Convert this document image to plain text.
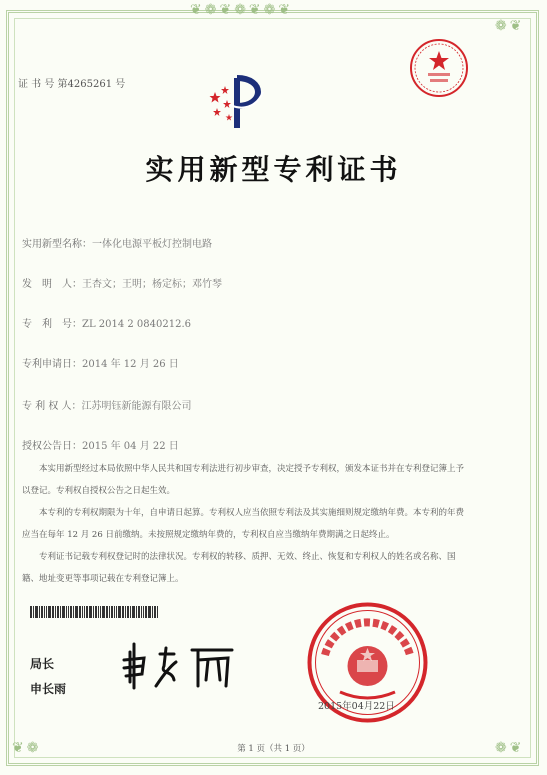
❦❁❦❁❦❁❦
❦❁	❁❦
❁❦
证 书 号 第4265261 号
实用新型专利证书
实用新型名称：一体化电源平板灯控制电路
发　明　人：王杏文；王明；杨定标；邓竹琴
专　利　号：ZL 2014 2 0840212.6
专利申请日：2014 年 12 月 26 日
专 利 权 人：江苏明钰新能源有限公司
授权公告日：2015 年 04 月 22 日
本实用新型经过本局依照中华人民共和国专利法进行初步审查，决定授予专利权，颁发本证书并在专利登记簿上予以登记。专利权自授权公告之日起生效。
本专利的专利权期限为十年，自申请日起算。专利权人应当依照专利法及其实施细则规定缴纳年费。本专利的年费应当在每年 12 月 26 日前缴纳。未按照规定缴纳年费的，专利权自应当缴纳年费期满之日起终止。
专利证书记载专利权登记时的法律状况。专利权的转移、质押、无效、终止、恢复和专利权人的姓名或名称、国籍、地址变更等事项记载在专利登记簿上。
局长
申长雨
2015年04月22日
第 1 页（共 1 页）
